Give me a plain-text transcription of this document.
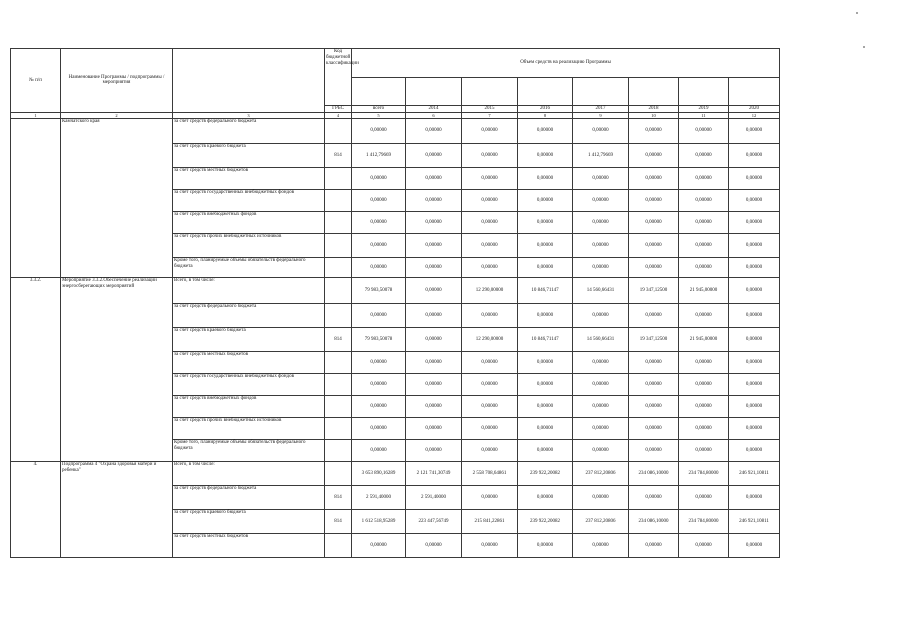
№ п/п	Наименование Программы / подпрограммы / мероприятия		Код бюджетной классификации	Объем средств на реализацию Программы							

			ГРБС	всего	2014	2015	2016	2017	2018	2019	2020
1	2	3	4	5	6	7	8	9	10	11	12
	Камчатского края	за счет средств федерального бюджета		0,00000	0,00000	0,00000	0,00000	0,00000	0,00000	0,00000	0,00000
		за счет средств краевого бюджета	814	1 412,79669	0,00000	0,00000	0,00000	1 412,79669	0,00000	0,00000	0,00000
		за счет средств местных бюджетов		0,00000	0,00000	0,00000	0,00000	0,00000	0,00000	0,00000	0,00000
		за счет средств государственных внебюджетных фондов		0,00000	0,00000	0,00000	0,00000	0,00000	0,00000	0,00000	0,00000
		за счет средств внебюджетных фондов		0,00000	0,00000	0,00000	0,00000	0,00000	0,00000	0,00000	0,00000
		за счет средств прочих внебюджетных источников		0,00000	0,00000	0,00000	0,00000	0,00000	0,00000	0,00000	0,00000
		Кроме того, планируемые объемы обязательств федерального бюджета		0,00000	0,00000	0,00000	0,00000	0,00000	0,00000	0,00000	0,00000
3.3.2.	Мероприятие 3.3.2.Обеспечение реализации энергосберегающих мероприятий	Всего, в том числе:		79 983,50078	0,00000	12 290,00000	10 846,71147	14 560,66431	19 347,12500	21 945,00000	0,00000
		за счет средств федерального бюджета		0,00000	0,00000	0,00000	0,00000	0,00000	0,00000	0,00000	0,00000
		за счет средств краевого бюджета	814	79 983,50078	0,00000	12 290,00000	10 846,71147	14 560,66431	19 347,12500	21 945,00000	0,00000
		за счет средств местных бюджетов		0,00000	0,00000	0,00000	0,00000	0,00000	0,00000	0,00000	0,00000
		за счет средств государственных внебюджетных фондов		0,00000	0,00000	0,00000	0,00000	0,00000	0,00000	0,00000	0,00000
		за счет средств внебюджетных фондов		0,00000	0,00000	0,00000	0,00000	0,00000	0,00000	0,00000	0,00000
		за счет средств прочих внебюджетных источников		0,00000	0,00000	0,00000	0,00000	0,00000	0,00000	0,00000	0,00000
		Кроме того, планируемые объемы обязательств федерального бюджета		0,00000	0,00000	0,00000	0,00000	0,00000	0,00000	0,00000	0,00000
4.	Подпрограмма 4 "Охрана здоровья матери и ребенка"	Всего, в том числе:		3 653 890,16289	2 121 741,30749	2 558 708,64861	239 922,20082	237 812,20806	234 086,10000	234 784,80000	246 921,10811
		за счет средств федерального бюджета	814	2 591,40000	2 591,40000	0,00000	0,00000	0,00000	0,00000	0,00000	0,00000
		за счет средств краевого бюджета	814	1 612 518,95289	223 447,56749	215 841,22861	239 922,20082	237 812,20806	234 086,10000	234 784,80000	246 921,10811
		за счет средств местных бюджетов		0,00000	0,00000	0,00000	0,00000	0,00000	0,00000	0,00000	0,00000
